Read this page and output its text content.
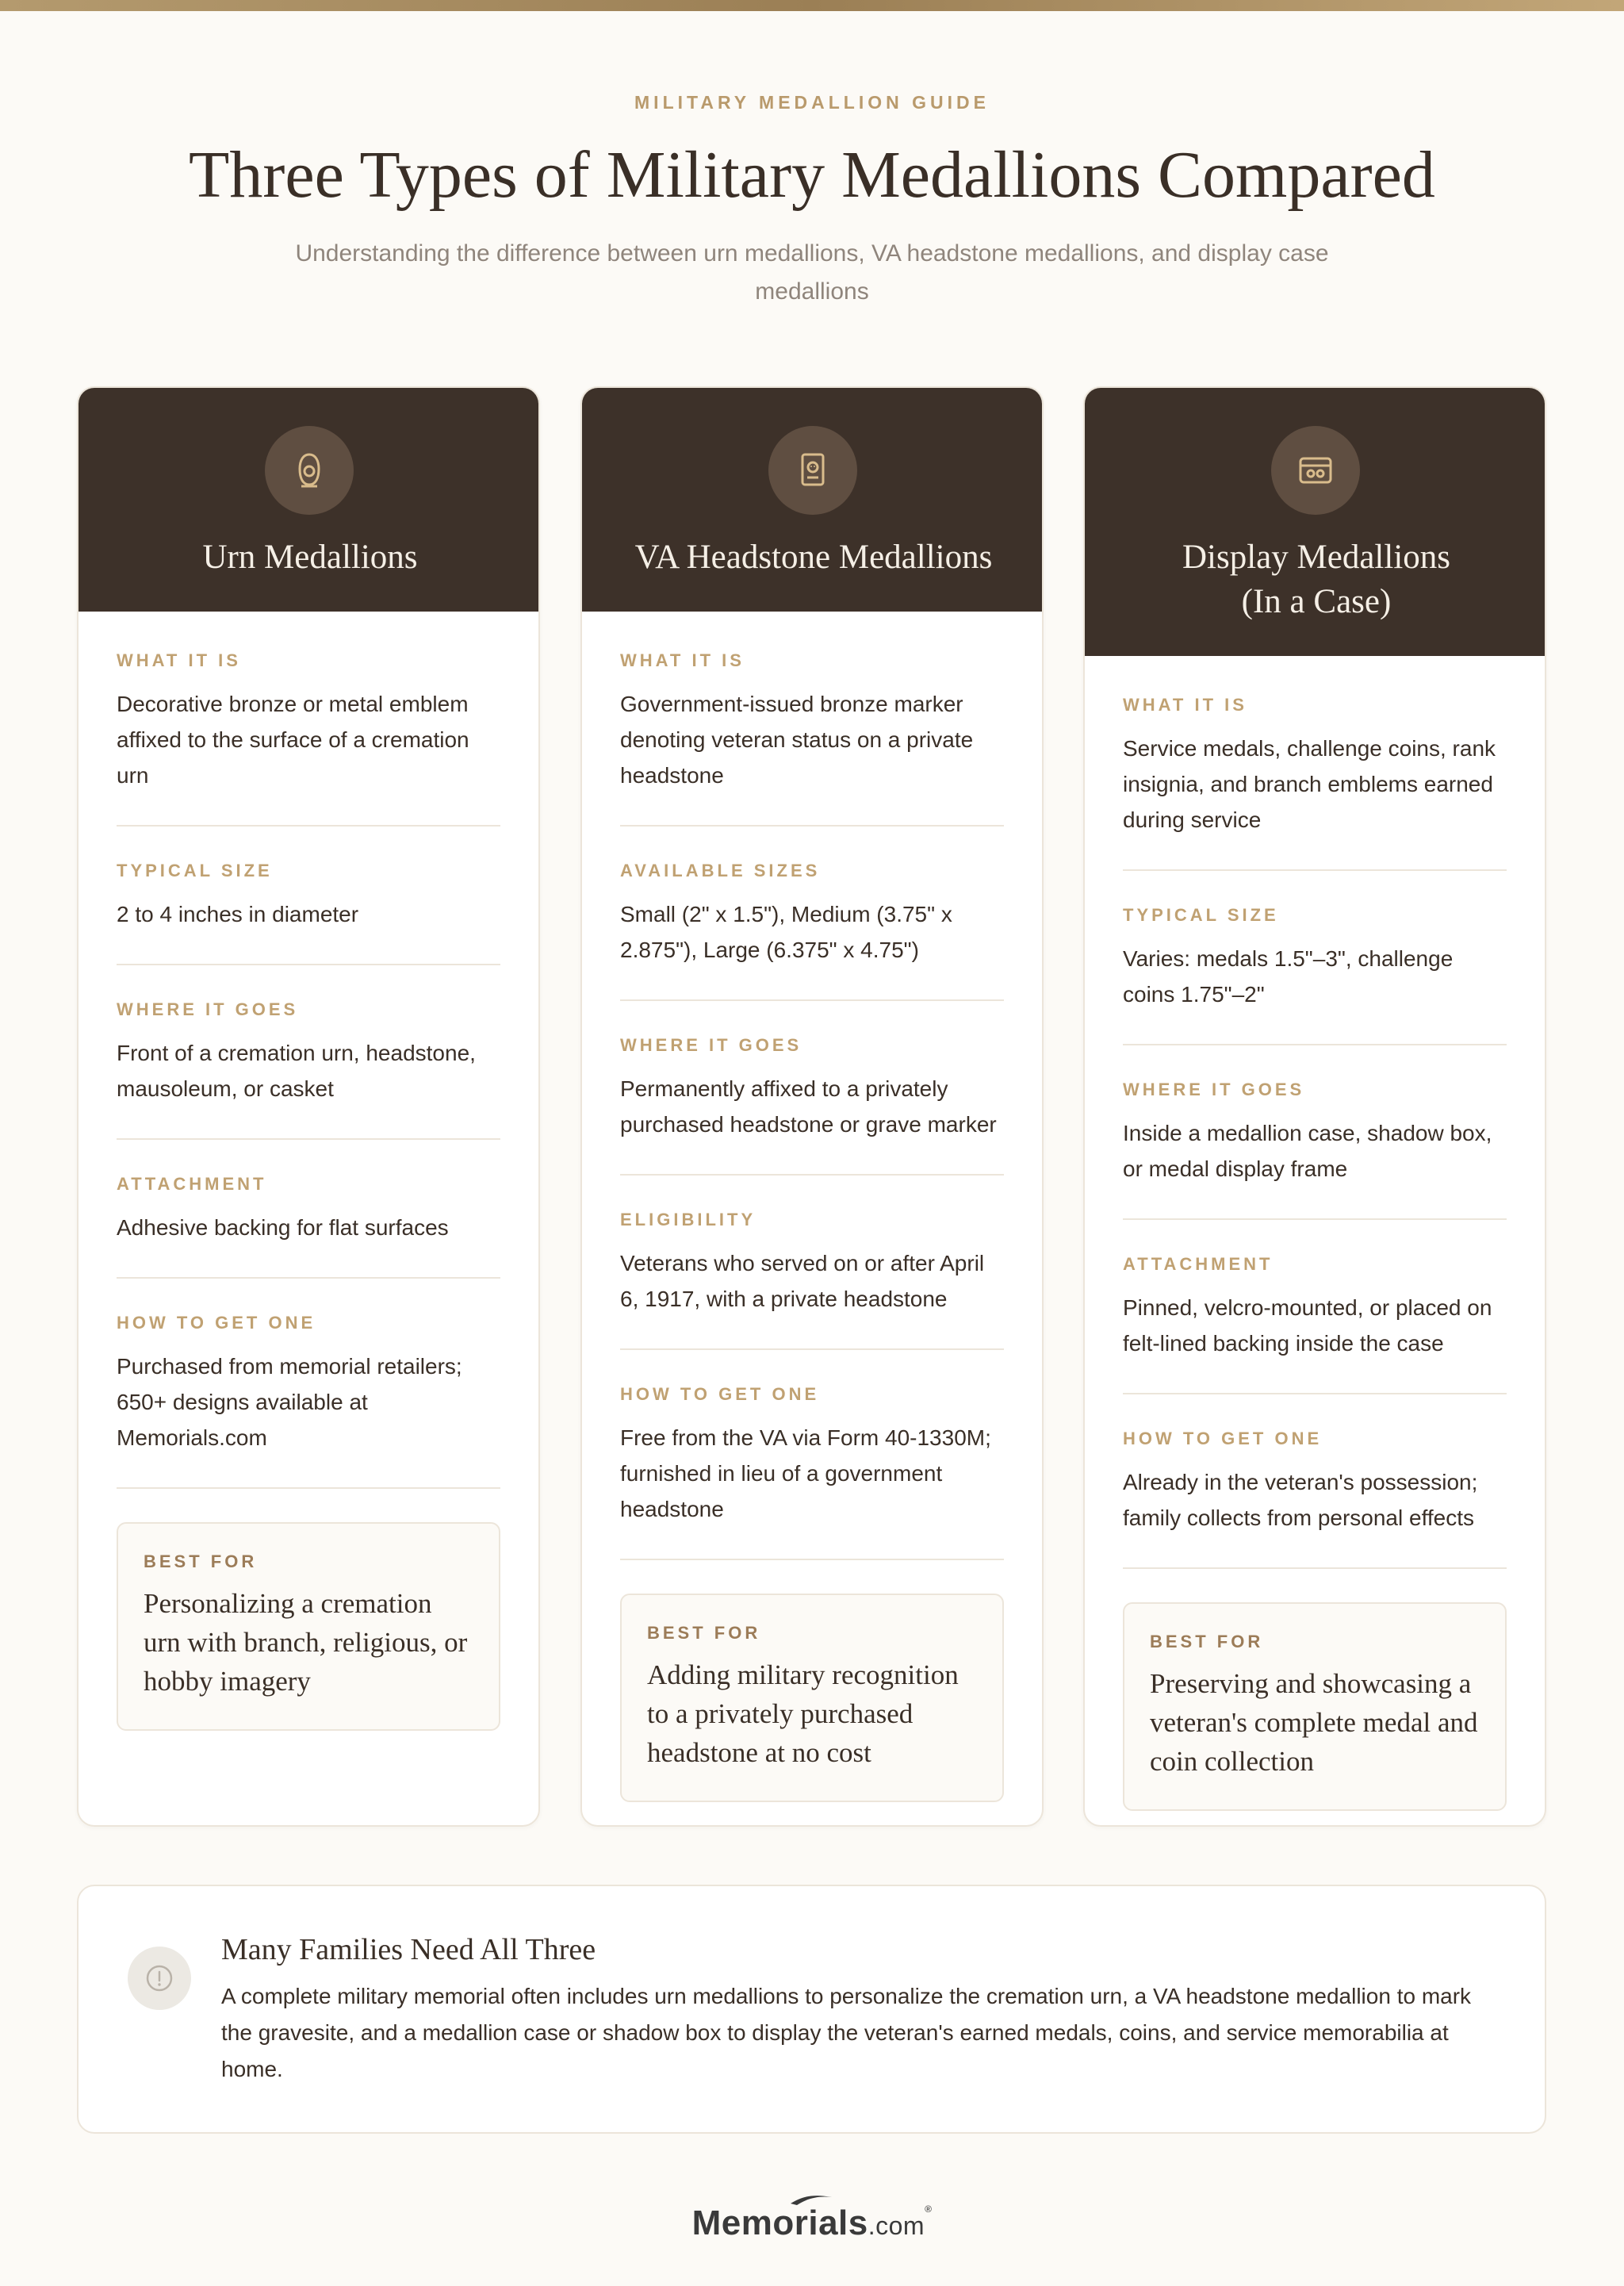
MILITARY MEDALLION GUIDE
Three Types of Military Medallions Compared
Understanding the difference between urn medallions, VA headstone medallions, and display case medallions
Urn Medallions
WHAT IT IS
Decorative bronze or metal emblem affixed to the surface of a cremation urn
TYPICAL SIZE
2 to 4 inches in diameter
WHERE IT GOES
Front of a cremation urn, headstone, mausoleum, or casket
ATTACHMENT
Adhesive backing for flat surfaces
HOW TO GET ONE
Purchased from memorial retailers; 650+ designs available at Memorials.com
BEST FOR
Personalizing a cremation urn with branch, religious, or hobby imagery
VA Headstone Medallions
WHAT IT IS
Government-issued bronze marker denoting veteran status on a private headstone
AVAILABLE SIZES
Small (2" x 1.5"), Medium (3.75" x 2.875"), Large (6.375" x 4.75")
WHERE IT GOES
Permanently affixed to a privately purchased headstone or grave marker
ELIGIBILITY
Veterans who served on or after April 6, 1917, with a private headstone
HOW TO GET ONE
Free from the VA via Form 40-1330M; furnished in lieu of a government headstone
BEST FOR
Adding military recognition to a privately purchased headstone at no cost
Display Medallions
(In a Case)
WHAT IT IS
Service medals, challenge coins, rank insignia, and branch emblems earned during service
TYPICAL SIZE
Varies: medals 1.5"–3", challenge coins 1.75"–2"
WHERE IT GOES
Inside a medallion case, shadow box, or medal display frame
ATTACHMENT
Pinned, velcro-mounted, or placed on felt-lined backing inside the case
HOW TO GET ONE
Already in the veteran's possession; family collects from personal effects
BEST FOR
Preserving and showcasing a veteran's complete medal and coin collection
Many Families Need All Three
A complete military memorial often includes urn medallions to personalize the cremation urn, a VA headstone medallion to mark the gravesite, and a medallion case or shadow box to display the veteran's earned medals, coins, and service memorabilia at home.
Memorials.com®
